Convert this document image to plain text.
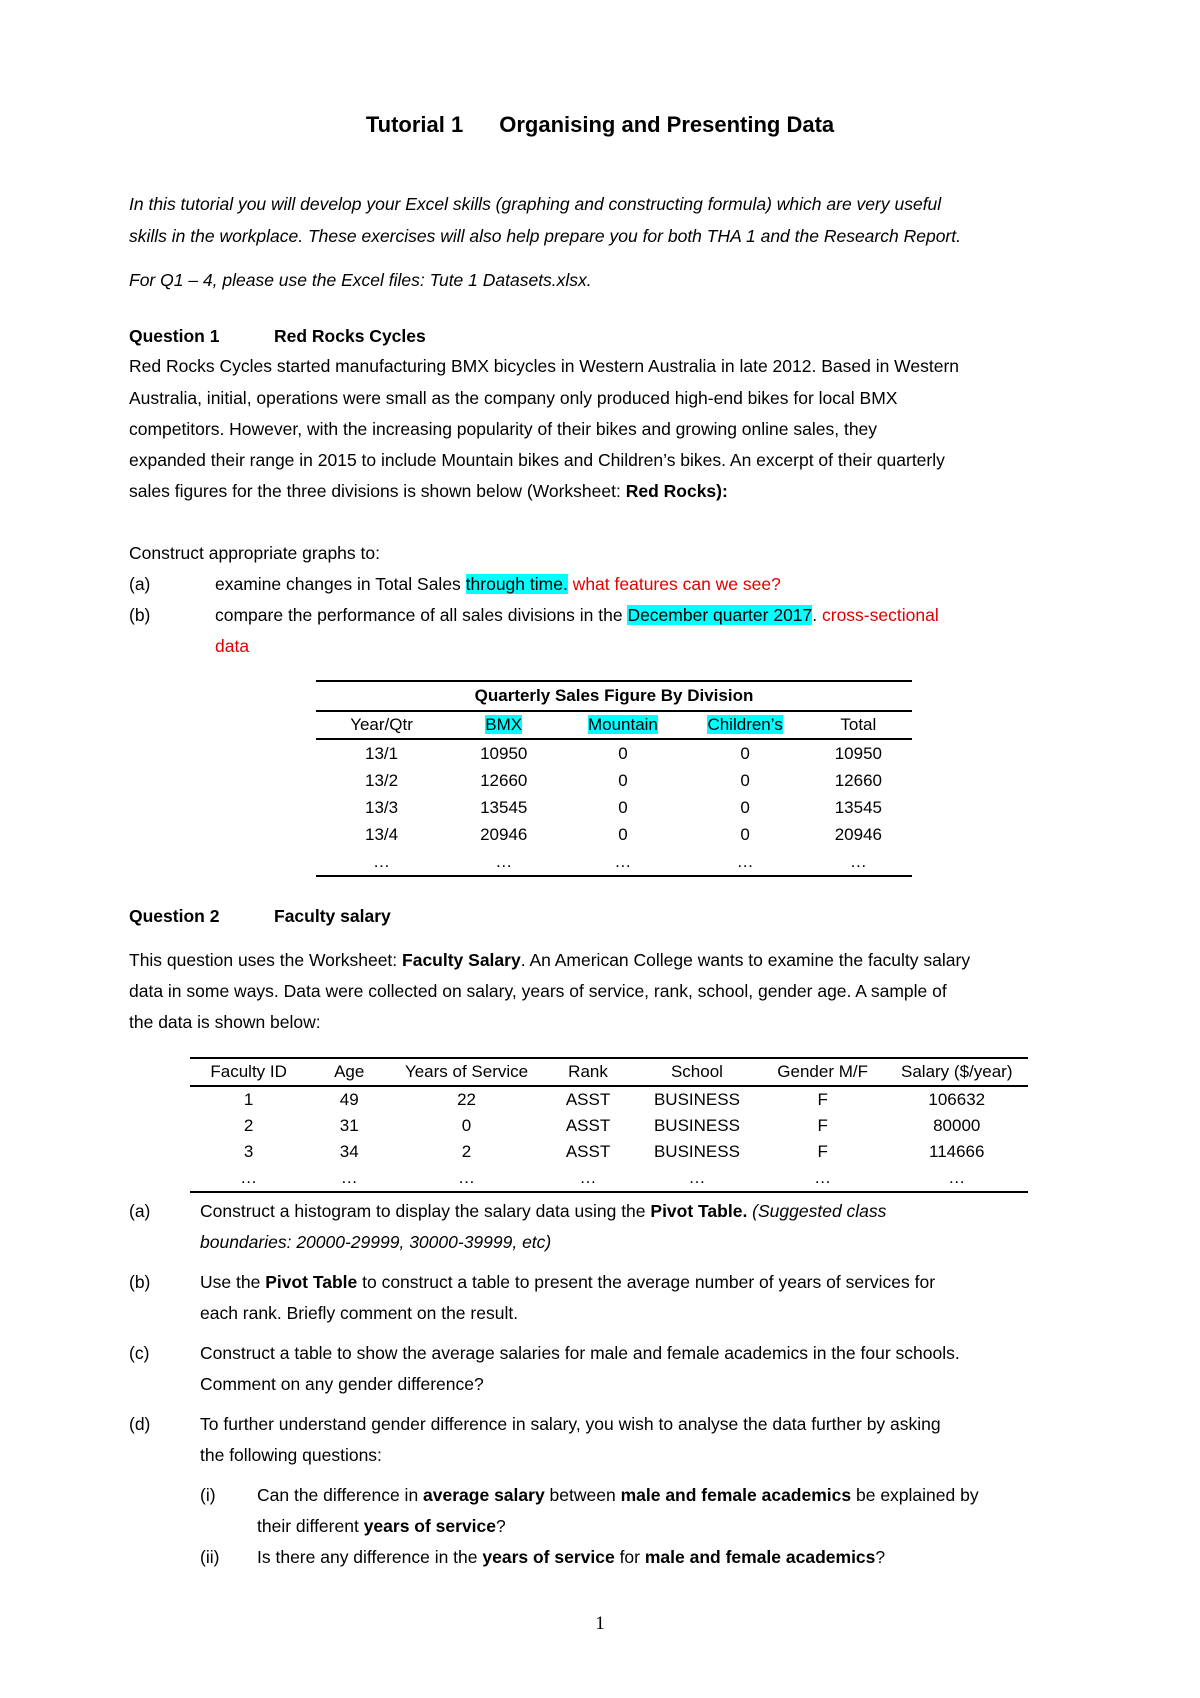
Tutorial 1 Organising and Presenting Data
In this tutorial you will develop your Excel skills (graphing and constructing formula) which are very useful
skills in the workplace. These exercises will also help prepare you for both THA 1 and the Research Report.
For Q1 – 4, please use the Excel files: Tute 1 Datasets.xlsx.
Question 1	Red Rocks Cycles
Red Rocks Cycles started manufacturing BMX bicycles in Western Australia in late 2012. Based in Western
Australia, initial, operations were small as the company only produced high-end bikes for local BMX
competitors. However, with the increasing popularity of their bikes and growing online sales, they
expanded their range in 2015 to include Mountain bikes and Children’s bikes. An excerpt of their quarterly
sales figures for the three divisions is shown below (Worksheet: Red Rocks):
Construct appropriate graphs to:
(a)	examine changes in Total Sales through time. what features can we see?
(b)	compare the performance of all sales divisions in the December quarter 2017. cross-sectional
data
Quarterly Sales Figure By Division				
Year/Qtr	BMX	Mountain	Children’s	Total
13/1	10950	0	0	10950
13/2	12660	0	0	12660
13/3	13545	0	0	13545
13/4	20946	0	0	20946
…	…	…	…	…
Question 2	Faculty salary
This question uses the Worksheet: Faculty Salary. An American College wants to examine the faculty salary
data in some ways. Data were collected on salary, years of service, rank, school, gender age. A sample of
the data is shown below:
Faculty ID	Age	Years of Service	Rank	School	Gender M/F	Salary ($/year)
1	49	22	ASST	BUSINESS	F	106632
2	31	0	ASST	BUSINESS	F	80000
3	34	2	ASST	BUSINESS	F	114666
…	…	…	…	…	…	…
(a)	Construct a histogram to display the salary data using the Pivot Table. (Suggested class
boundaries: 20000-29999, 30000-39999, etc)
(b)	Use the Pivot Table to construct a table to present the average number of years of services for
each rank. Briefly comment on the result.
(c)	Construct a table to show the average salaries for male and female academics in the four schools.
Comment on any gender difference?
(d)	To further understand gender difference in salary, you wish to analyse the data further by asking
the following questions:
(i) Can the difference in average salary between male and female academics be explained by
their different years of service?
(ii) Is there any difference in the years of service for male and female academics?
1
